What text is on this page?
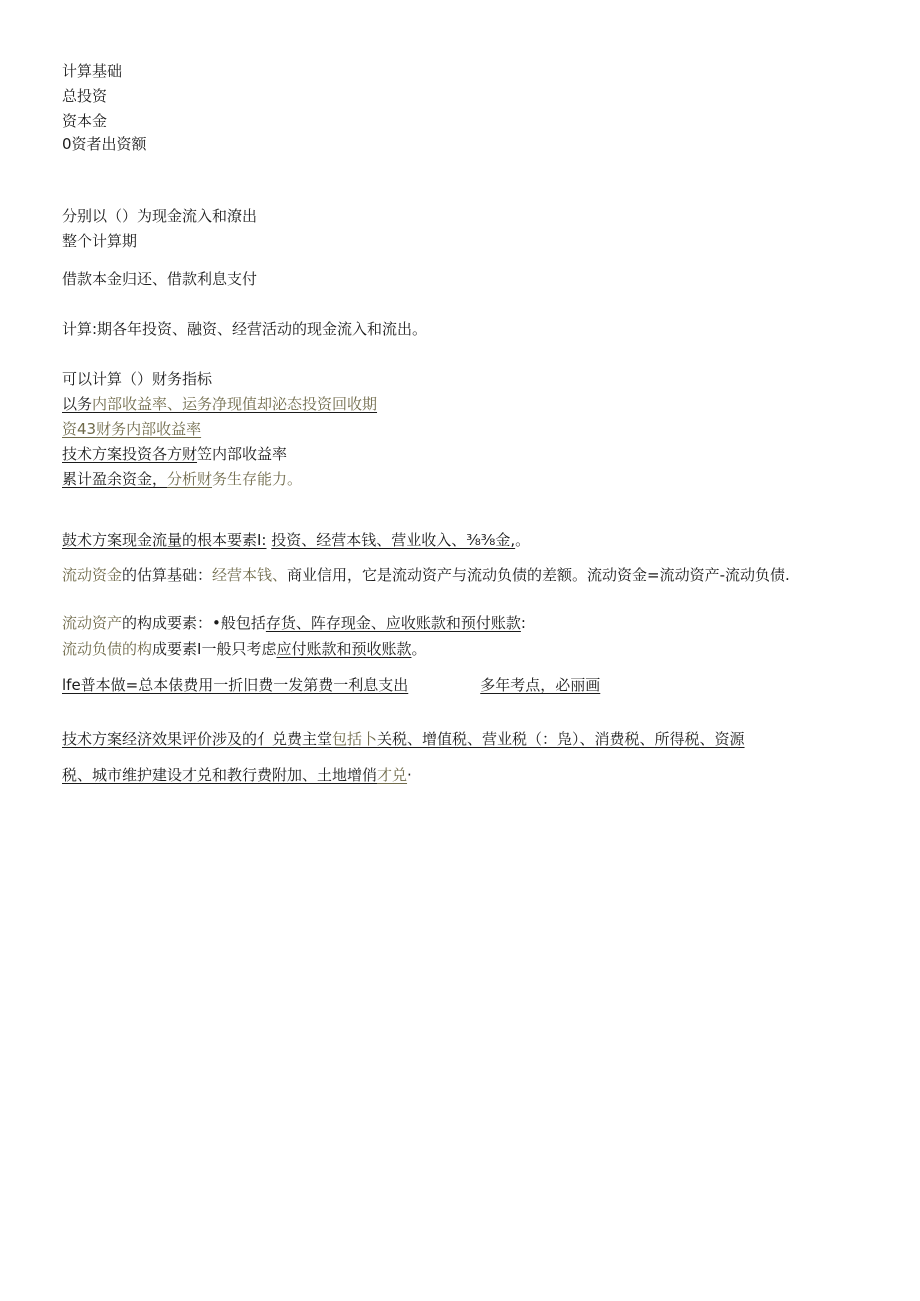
计算基础
总投资
资本金
0资者出资额
分别以（）为现金流入和潦出
整个计算期
借款本金归还、借款利息支付
计算:期各年投资、融资、经营活动的现金流入和流出。
可以计算（）财务指标
以务内部收益率、运务净现值却泌态投资回收期
资43财务内部收益率
技术方案投资各方财笠内部收益率
累计盈余资金，分析财务生存能力。
鼓术方案现金流量的根本要素I: 投资、经营本钱、营业收入、⅜⅜金,。
流动资金的估算基础：经营本钱、商业信用，它是流动资产与流动负债的差额。流动资金=流动资产-流动负债.
流动资产的构成要素：•般包括存货、阵存现金、应收账款和预付账款:
流动负债的构成要素I一般只考虑应付账款和预收账款。
lfe普本做=总本俵费用一折旧费一发第费一利息支出	多年考点，必丽画
技术方案经济效果评价涉及的亻兑费主堂包括卜关税、增值税、营业税（：凫）、消费税、所得税、资源
税、城市维护建设才兑和教行费附加、土地增俏才兑·
